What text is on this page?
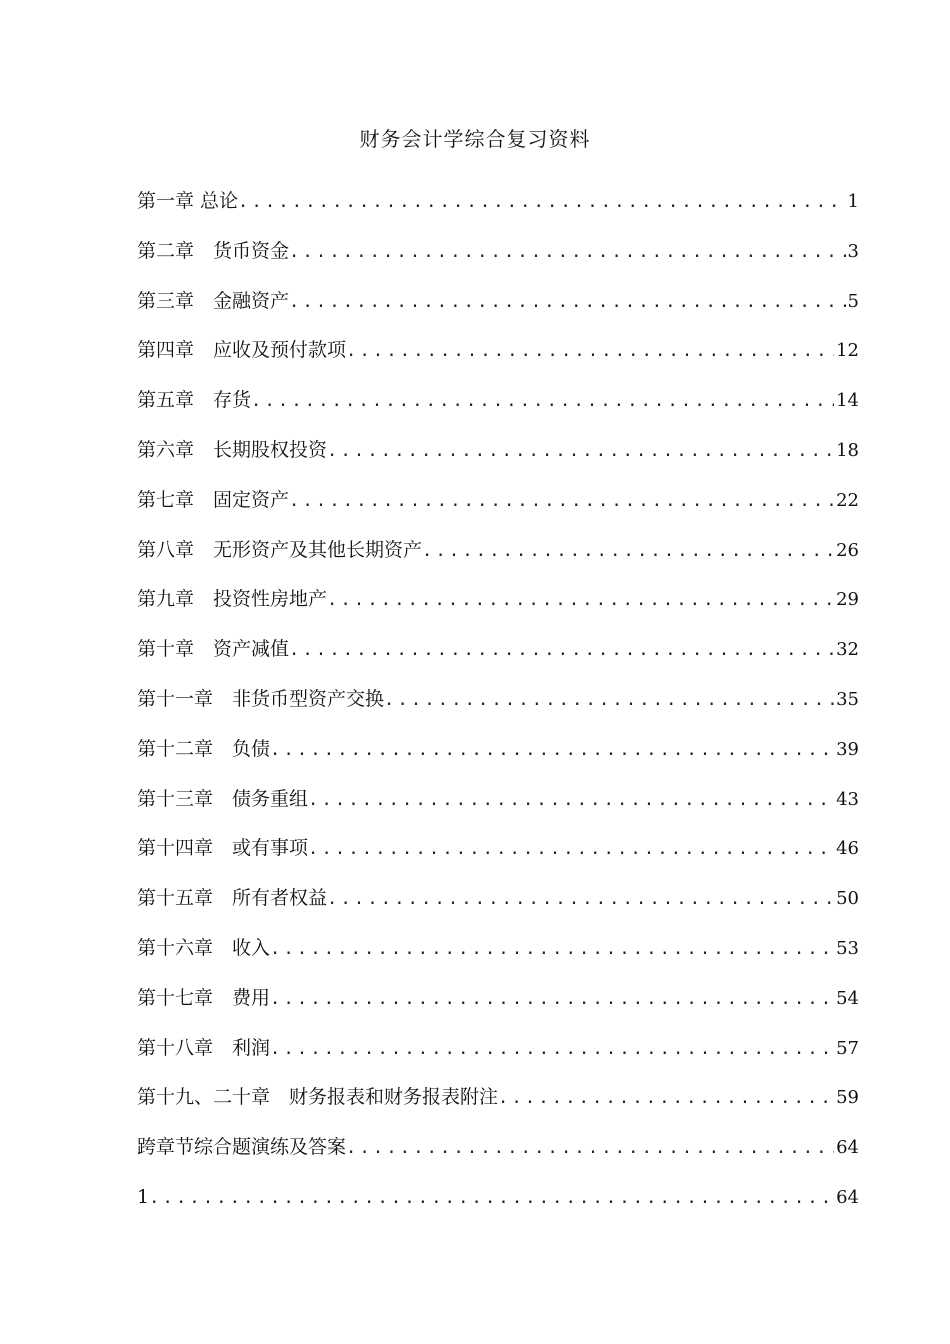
财务会计学综合复习资料
第一章 总论 .....	1
第二章　货币资金 .....	3
第三章　金融资产 .....	5
第四章　应收及预付款项 .....	12
第五章　存货 .....	14
第六章　长期股权投资 .....	18
第七章　固定资产 .....	22
第八章　无形资产及其他长期资产 .....	26
第九章　投资性房地产 .....	29
第十章　资产减值 .....	32
第十一章　非货币型资产交换 .....	35
第十二章　负债 .....	39
第十三章　债务重组 .....	43
第十四章　或有事项 .....	46
第十五章　所有者权益 .....	50
第十六章　收入 .....	53
第十七章　费用 .....	54
第十八章　利润 .....	57
第十九、二十章　财务报表和财务报表附注 .....	59
跨章节综合题演练及答案 .....	64
1 .....	64
